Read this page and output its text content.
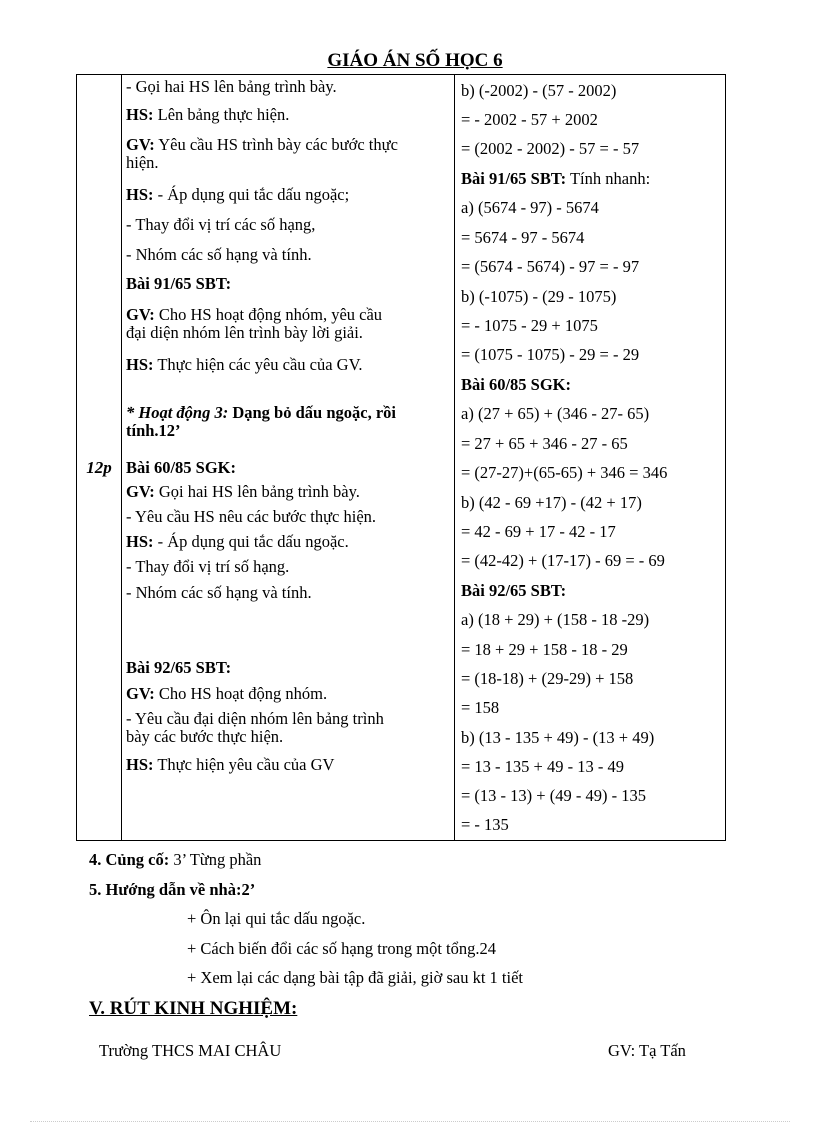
GIÁO ÁN SỐ HỌC 6
12p
- Gọi hai HS lên bảng trình bày.
HS: Lên bảng thực hiện.
GV: Yêu cầu HS trình bày các bước thực
hiện.
HS: - Áp dụng qui tắc dấu ngoặc;
- Thay đổi vị trí các số hạng,
- Nhóm các số hạng và tính.
Bài 91/65 SBT:
GV: Cho HS hoạt động nhóm, yêu cầu
đại diện nhóm lên trình bày lời giải.
HS: Thực hiện các yêu cầu của GV.
* Hoạt động 3: Dạng bỏ dấu ngoặc, rồi
tính.12’
Bài 60/85 SGK:
GV: Gọi hai HS lên bảng trình bày.
- Yêu cầu HS nêu các bước thực hiện.
HS: - Áp dụng qui tắc dấu ngoặc.
- Thay đổi vị trí số hạng.
- Nhóm các số hạng và tính.
Bài 92/65 SBT:
GV: Cho HS hoạt động nhóm.
- Yêu cầu đại diện nhóm lên bảng trình
bày các bước thực hiện.
HS: Thực hiện yêu cầu của GV
b) (-2002) - (57 - 2002)
= - 2002 - 57 + 2002
= (2002 - 2002) - 57 = - 57
Bài 91/65 SBT: Tính nhanh:
a) (5674 - 97) - 5674
= 5674 - 97 - 5674
= (5674 - 5674) - 97 = - 97
b) (-1075) - (29 - 1075)
= - 1075 - 29 + 1075
= (1075 - 1075) - 29 = - 29
Bài 60/85 SGK:
a) (27 + 65) + (346 - 27- 65)
= 27 + 65 + 346 - 27 - 65
= (27-27)+(65-65) + 346 = 346
b) (42 - 69 +17) - (42 + 17)
= 42 - 69 + 17 - 42 - 17
= (42-42) + (17-17) - 69 = - 69
Bài 92/65 SBT:
a) (18 + 29) + (158 - 18 -29)
= 18 + 29 + 158 - 18 - 29
= (18-18) + (29-29) + 158
= 158
b) (13 - 135 + 49) - (13 + 49)
= 13 - 135 + 49 - 13 - 49
= (13 - 13) + (49 - 49) - 135
= - 135
4. Củng cố: 3’ Từng phần
5. Hướng dẫn về nhà:2’
+ Ôn lại qui tắc dấu ngoặc.
+ Cách biến đổi các số hạng trong một tổng.24
+ Xem lại các dạng bài tập đã giải, giờ sau kt 1 tiết
V. RÚT KINH NGHIỆM:
Trường THCS MAI CHÂU	GV: Tạ Tấn
